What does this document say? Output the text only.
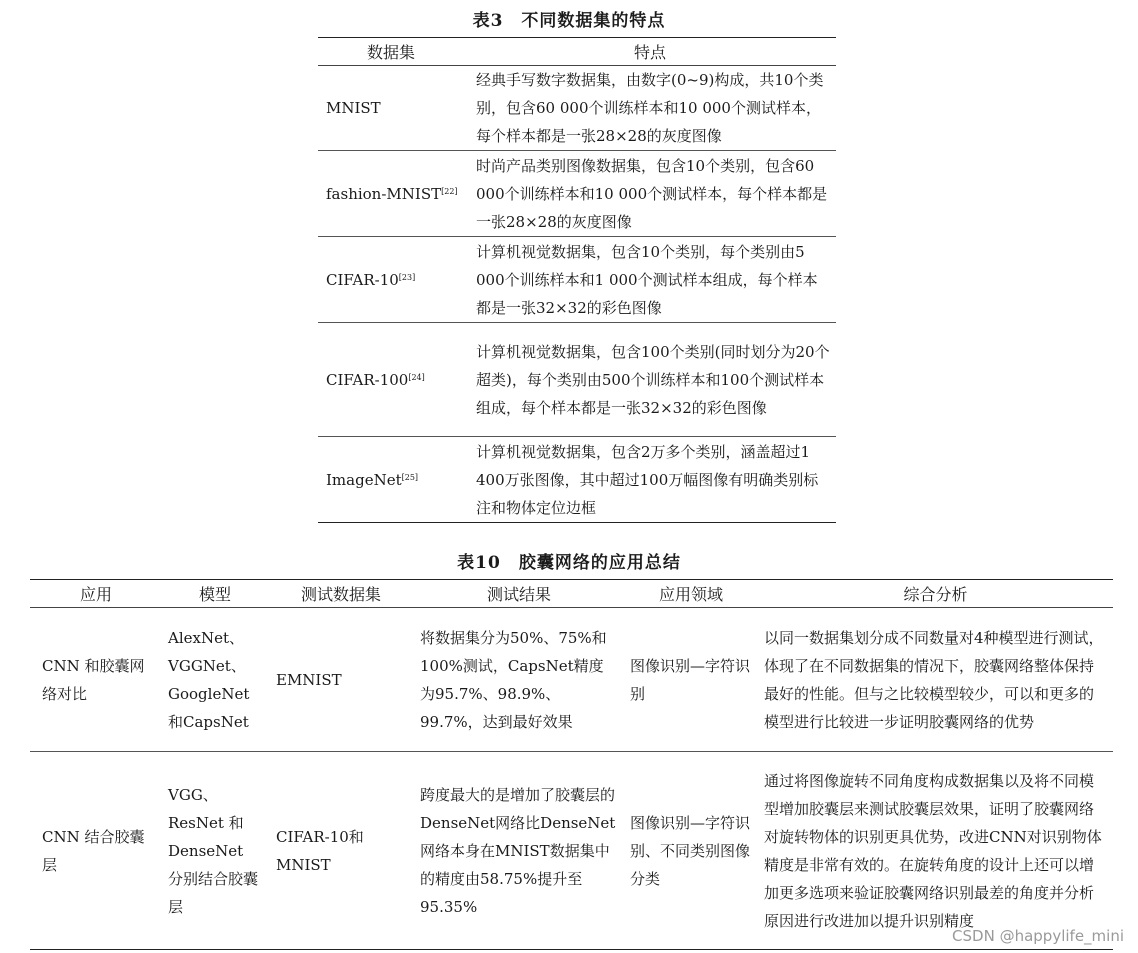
表3　不同数据集的特点
数据集	特点
MNIST	经典手写数字数据集，由数字(0~9)构成，共10个类别，包含60 000个训练样本和10 000个测试样本，每个样本都是一张28×28的灰度图像
fashion-MNIST[22]	时尚产品类别图像数据集，包含10个类别，包含60 000个训练样本和10 000个测试样本，每个样本都是一张28×28的灰度图像
CIFAR-10[23]	计算机视觉数据集，包含10个类别，每个类别由5 000个训练样本和1 000个测试样本组成，每个样本都是一张32×32的彩色图像
CIFAR-100[24]	计算机视觉数据集，包含100个类别(同时划分为20个超类)，每个类别由500个训练样本和100个测试样本组成，每个样本都是一张32×32的彩色图像
ImageNet[25]	计算机视觉数据集，包含2万多个类别，涵盖超过1 400万张图像，其中超过100万幅图像有明确类别标注和物体定位边框
表10　胶囊网络的应用总结
应用	模型	测试数据集	测试结果	应用领域	综合分析
CNN 和胶囊网络对比	AlexNet、VGGNet、GoogleNet 和CapsNet	EMNIST	将数据集分为50%、75%和100%测试，CapsNet精度为95.7%、98.9%、99.7%，达到最好效果	图像识别—字符识别	以同一数据集划分成不同数量对4种模型进行测试，体现了在不同数据集的情况下，胶囊网络整体保持最好的性能。但与之比较模型较少，可以和更多的模型进行比较进一步证明胶囊网络的优势
CNN 结合胶囊层	VGG、ResNet 和DenseNet 分别结合胶囊层	CIFAR-10和MNIST	跨度最大的是增加了胶囊层的DenseNet网络比DenseNet 网络本身在MNIST数据集中的精度由58.75%提升至95.35%	图像识别—字符识别、不同类别图像分类	通过将图像旋转不同角度构成数据集以及将不同模型增加胶囊层来测试胶囊层效果，证明了胶囊网络对旋转物体的识别更具优势，改进CNN对识别物体精度是非常有效的。在旋转角度的设计上还可以增加更多选项来验证胶囊网络识别最差的角度并分析原因进行改进加以提升识别精度
CSDN @happylife_mini
